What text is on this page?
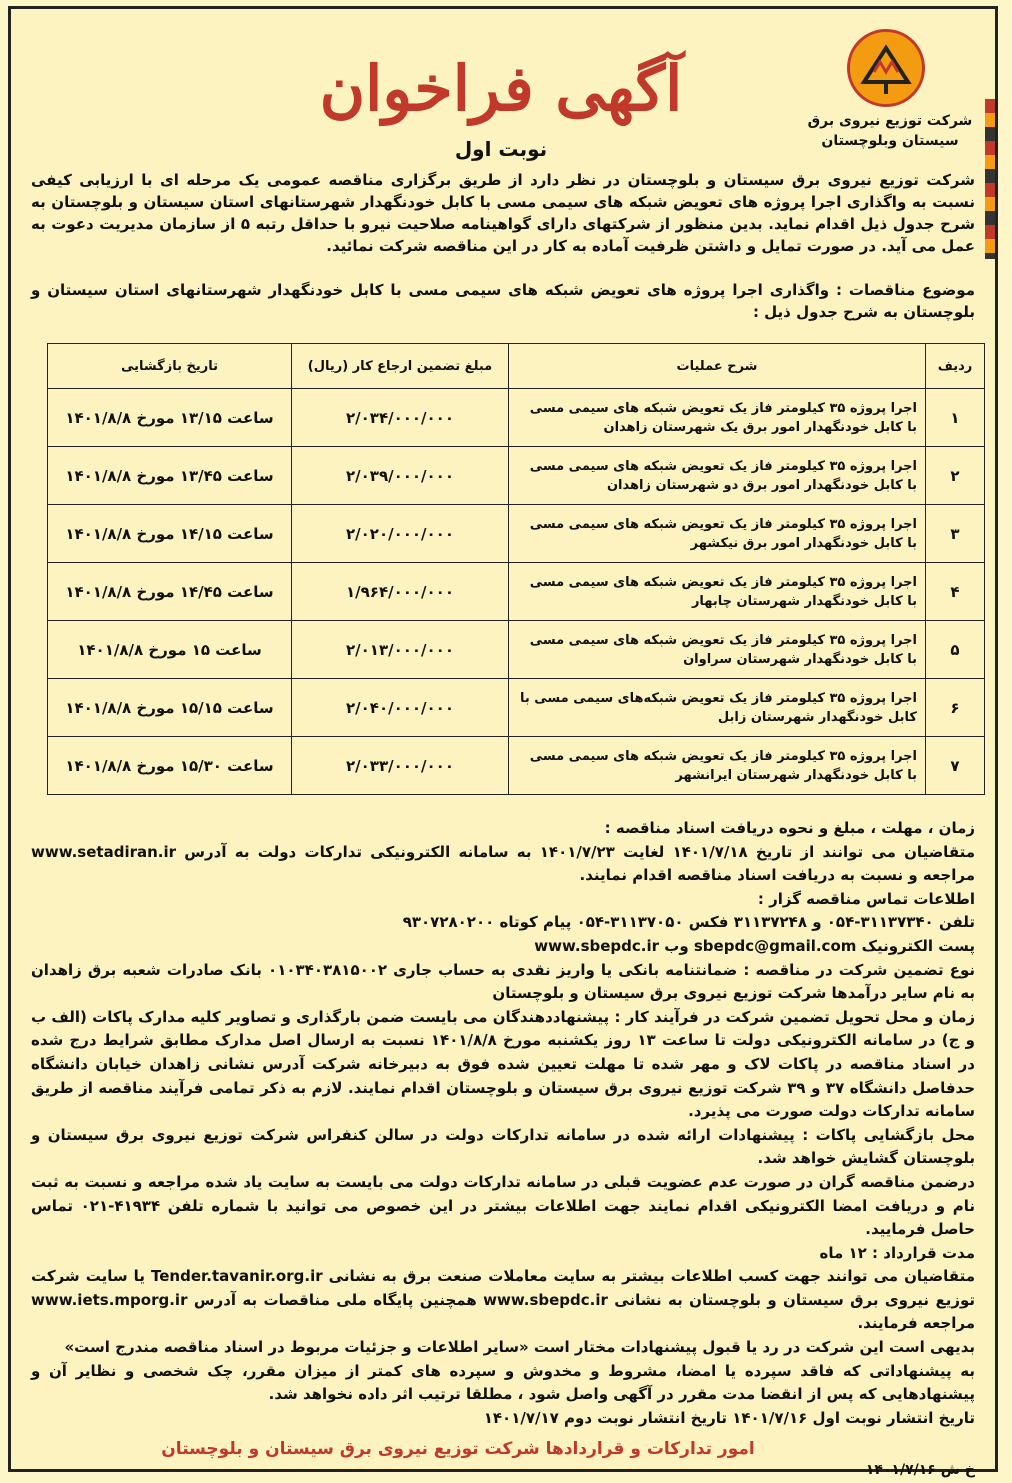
شرکت توزیع نیروی برق
سیستان وبلوچستان
آگهی فراخوان
نوبت اول
شرکت توزیع نیروی برق سیستان و بلوچستان در نظر دارد از طریق برگزاری مناقصه عمومی یک مرحله ای با ارزیابی کیفی نسبت به واگذاری اجرا پروژه های تعویض شبکه های سیمی مسی با کابل خودنگهدار شهرستانهای استان سیستان و بلوچستان به شرح جدول ذیل اقدام نماید. بدین منظور از شرکتهای دارای گواهینامه صلاحیت نیرو با حداقل رتبه ۵ از سازمان مدیریت دعوت به عمل می آید. در صورت تمایل و داشتن ظرفیت آماده به کار در این مناقصه شرکت نمائید.
موضوع مناقصات : واگذاری اجرا پروژه های تعویض شبکه های سیمی مسی با کابل خودنگهدار شهرستانهای استان سیستان و بلوچستان به شرح جدول ذیل :
ردیف	شرح عملیات	مبلغ تضمین ارجاع کار (ریال)	تاریخ بازگشایی
۱	اجرا پروژه ۳۵ کیلومتر فاز یک تعویض شبکه های سیمی مسی با کابل خودنگهدار امور برق یک شهرستان زاهدان	۲/۰۳۴/۰۰۰/۰۰۰	ساعت ۱۳/۱۵ مورخ ۱۴۰۱/۸/۸
۲	اجرا پروژه ۳۵ کیلومتر فاز یک تعویض شبکه های سیمی مسی با کابل خودنگهدار امور برق دو شهرستان زاهدان	۲/۰۳۹/۰۰۰/۰۰۰	ساعت ۱۳/۴۵ مورخ ۱۴۰۱/۸/۸
۳	اجرا پروژه ۳۵ کیلومتر فاز یک تعویض شبکه های سیمی مسی با کابل خودنگهدار امور برق نیکشهر	۲/۰۲۰/۰۰۰/۰۰۰	ساعت ۱۴/۱۵ مورخ ۱۴۰۱/۸/۸
۴	اجرا پروژه ۳۵ کیلومتر فاز یک تعویض شبکه های سیمی مسی با کابل خودنگهدار شهرستان چابهار	۱/۹۶۴/۰۰۰/۰۰۰	ساعت ۱۴/۴۵ مورخ ۱۴۰۱/۸/۸
۵	اجرا پروژه ۳۵ کیلومتر فاز یک تعویض شبکه های سیمی مسی با کابل خودنگهدار شهرستان سراوان	۲/۰۱۳/۰۰۰/۰۰۰	ساعت ۱۵ مورخ ۱۴۰۱/۸/۸
۶	اجرا پروژه ۳۵ کیلومتر فاز یک تعویض شبکه‌های سیمی مسی با کابل خودنگهدار شهرستان زابل	۲/۰۴۰/۰۰۰/۰۰۰	ساعت ۱۵/۱۵ مورخ ۱۴۰۱/۸/۸
۷	اجرا پروژه ۳۵ کیلومتر فاز یک تعویض شبکه های سیمی مسی با کابل خودنگهدار شهرستان ایرانشهر	۲/۰۳۳/۰۰۰/۰۰۰	ساعت ۱۵/۳۰ مورخ ۱۴۰۱/۸/۸
زمان ، مهلت ، مبلغ و نحوه دریافت اسناد مناقصه :
متقاضیان می توانند از تاریخ ۱۴۰۱/۷/۱۸ لغایت ۱۴۰۱/۷/۲۳ به سامانه الکترونیکی تدارکات دولت به آدرس www.setadiran.ir مراجعه و نسبت به دریافت اسناد مناقصه اقدام نمایند.
اطلاعات تماس مناقصه گزار :
تلفن ۳۱۱۳۷۳۴۰-۰۵۴ و ۳۱۱۳۷۲۴۸ فکس ۳۱۱۳۷۰۵۰-۰۵۴ پیام کوتاه ۹۳۰۷۲۸۰۲۰۰
پست الکترونیک sbepdc@gmail.com وب www.sbepdc.ir
نوع تضمین شرکت در مناقصه : ضمانتنامه بانکی یا واریز نقدی به حساب جاری ۰۱۰۳۴۰۳۸۱۵۰۰۲ بانک صادرات شعبه برق زاهدان به نام سایر درآمدها شرکت توزیع نیروی برق سیستان و بلوچستان
زمان و محل تحویل تضمین شرکت در فرآیند کار : پیشنهاددهندگان می بایست ضمن بارگذاری و تصاویر کلیه مدارک پاکات (الف ب و ج) در سامانه الکترونیکی دولت تا ساعت ۱۳ روز یکشنبه مورخ ۱۴۰۱/۸/۸ نسبت به ارسال اصل مدارک مطابق شرایط درج شده در اسناد مناقصه در پاکات لاک و مهر شده تا مهلت تعیین شده فوق به دبیرخانه شرکت آدرس نشانی زاهدان خیابان دانشگاه حدفاصل دانشگاه ۳۷ و ۳۹ شرکت توزیع نیروی برق سیستان و بلوچستان اقدام نمایند. لازم به ذکر تمامی فرآیند مناقصه از طریق سامانه تدارکات دولت صورت می پذیرد.
محل بازگشایی پاکات : پیشنهادات ارائه شده در سامانه تدارکات دولت در سالن کنفراس شرکت توزیع نیروی برق سیستان و بلوچستان گشایش خواهد شد.
درضمن مناقصه گران در صورت عدم عضویت قبلی در سامانه تدارکات دولت می بایست به سایت یاد شده مراجعه و نسبت به ثبت نام و دریافت امضا الکترونیکی اقدام نمایند جهت اطلاعات بیشتر در این خصوص می توانید با شماره تلفن ۴۱۹۳۴-۰۲۱ تماس حاصل فرمایید.
مدت قرارداد : ۱۲ ماه
متقاضیان می توانند جهت کسب اطلاعات بیشتر به سایت معاملات صنعت برق به نشانی Tender.tavanir.org.ir یا سایت شرکت توزیع نیروی برق سیستان و بلوچستان به نشانی www.sbepdc.ir همچنین پایگاه ملی مناقصات به آدرس www.iets.mporg.ir مراجعه فرمایند.
بدیهی است این شرکت در رد یا قبول پیشنهادات مختار است «سایر اطلاعات و جزئیات مربوط در اسناد مناقصه مندرج است»
به پیشنهاداتی که فاقد سپرده یا امضا، مشروط و مخدوش و سپرده های کمتر از میزان مقرر، چک شخصی و نظایر آن و پیشنهادهایی که پس از انقضا مدت مقرر در آگهی واصل شود ، مطلقا ترتیب اثر داده نخواهد شد.
تاریخ انتشار نوبت اول ۱۴۰۱/۷/۱۶ تاریخ انتشار نوبت دوم ۱۴۰۱/۷/۱۷
امور تدارکات و قراردادها شرکت توزیع نیروی برق سیستان و بلوچستان
خ ش ۱۴۰۱/۷/۱۶
